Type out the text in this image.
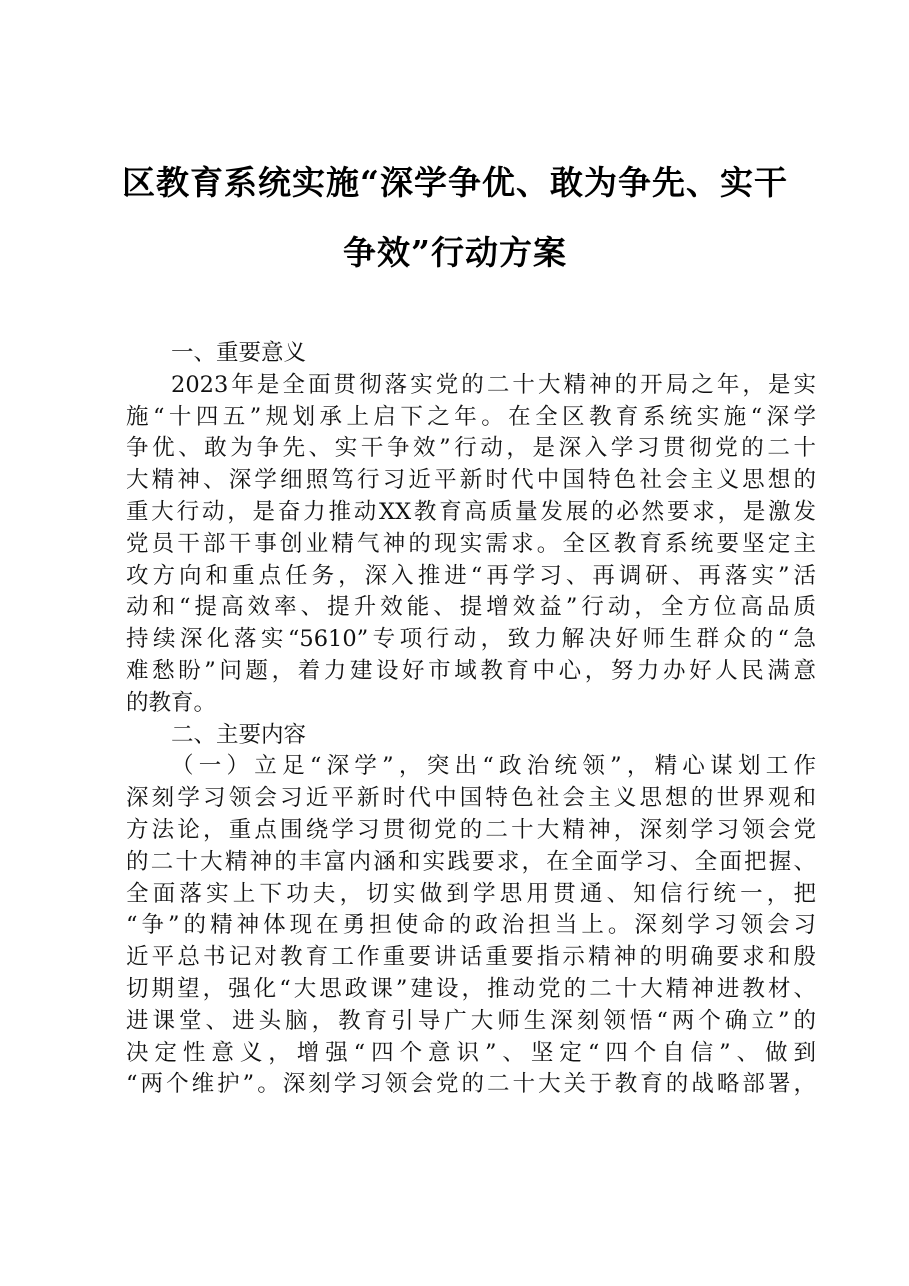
区教育系统实施“深学争优、敢为争先、实干
争效”行动方案
一、重要意义
2023年是全面贯彻落实党的二十大精神的开局之年，是实
施“十四五”规划承上启下之年。在全区教育系统实施“深学
争优、敢为争先、实干争效”行动，是深入学习贯彻党的二十
大精神、深学细照笃行习近平新时代中国特色社会主义思想的
重大行动，是奋力推动XX教育高质量发展的必然要求，是激发
党员干部干事创业精气神的现实需求。全区教育系统要坚定主
攻方向和重点任务，深入推进“再学习、再调研、再落实”活
动和“提高效率、提升效能、提增效益”行动，全方位高品质
持续深化落实“5610”专项行动，致力解决好师生群众的“急
难愁盼”问题，着力建设好市域教育中心，努力办好人民满意
的教育。
二、主要内容
（一）立足“深学”，突出“政治统领”，精心谋划工作
深刻学习领会习近平新时代中国特色社会主义思想的世界观和
方法论，重点围绕学习贯彻党的二十大精神，深刻学习领会党
的二十大精神的丰富内涵和实践要求，在全面学习、全面把握、
全面落实上下功夫，切实做到学思用贯通、知信行统一，把
“争”的精神体现在勇担使命的政治担当上。深刻学习领会习
近平总书记对教育工作重要讲话重要指示精神的明确要求和殷
切期望，强化“大思政课”建设，推动党的二十大精神进教材、
进课堂、进头脑，教育引导广大师生深刻领悟“两个确立”的
决定性意义，增强“四个意识”、坚定“四个自信”、做到
“两个维护”。深刻学习领会党的二十大关于教育的战略部署，
